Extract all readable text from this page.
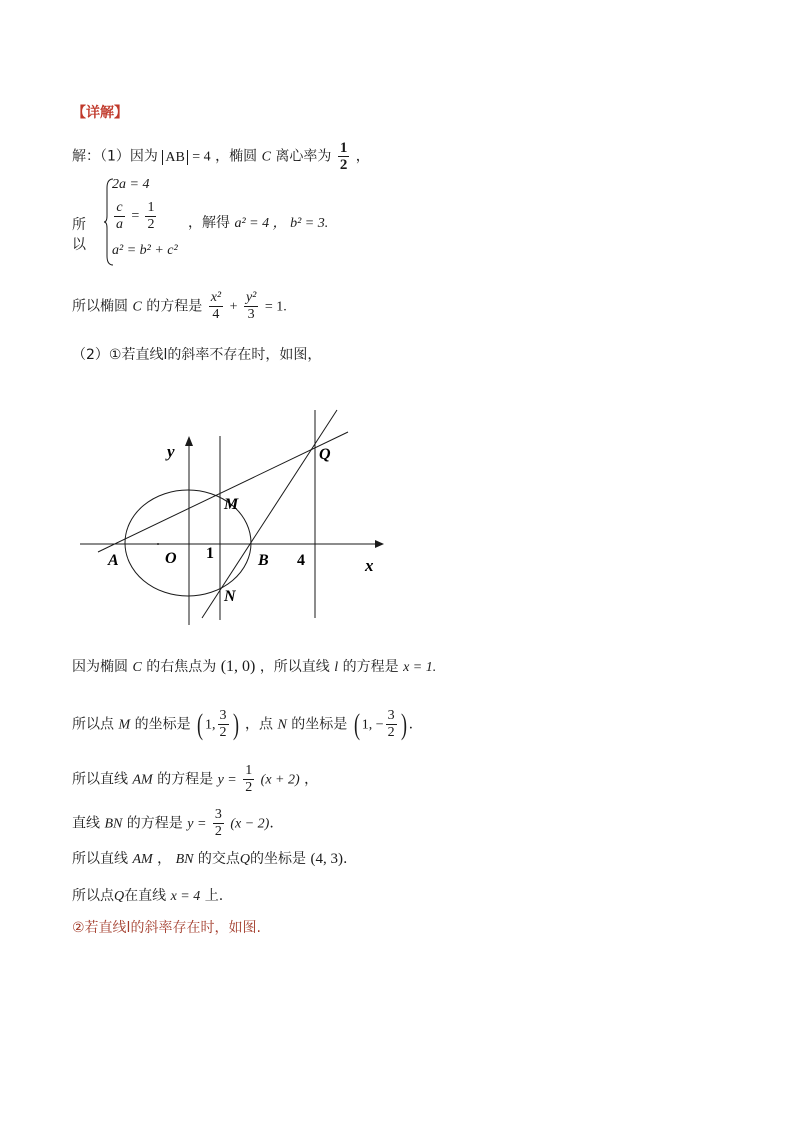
【详解】
解：（1）因为 AB = 4 ，椭圆 C 离心率为 $\frac{1}{2}$ ，
所以
2a = 4
$\frac{c}{a} = \frac{1}{2}$
a² = b² + c²
，解得 a² = 4 ， b² = 3.
所以椭圆 C 的方程是 $\frac{\text{x²}}{4} + \frac{\text{y²}}{3} = 1$.
（2）①若直线l的斜率不存在时，如图，
y
x
Q
M
A	O 1	B 4
N
因为椭圆 C 的右焦点为 (1, 0) ，所以直线 l 的方程是 x = 1.
所以点 M 的坐标是 ( 1, $\frac{3}{2}$ ) ，点 N 的坐标是 ( 1, − $\frac{3}{2}$ ) .
所以直线 AM 的方程是 $y = \frac{1}{2} (x + 2)$ ，
直线 BN 的方程是 $y = \frac{3}{2} (x - 2)$.
所以直线 AM ， BN 的交点Q的坐标是 (4, 3).
所以点Q在直线 x = 4 上.
②若直线l的斜率存在时，如图.
